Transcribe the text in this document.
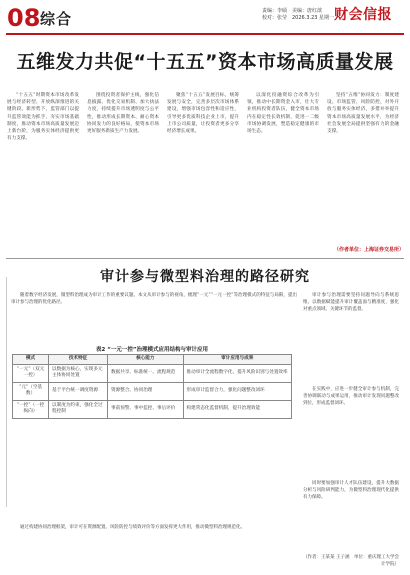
08 综合	责编：李硕　美编：唐红歆
校对：张莹　2026.3.23 星期一 财会信报
五维发力共促“十五五”资本市场高质量发展

“十五五”时期资本市场改革发展与经济转型、开放纵深推进的关键阶段。新形势下，监管部门以提升监管效能为抓手，夯实市场基础制度，推动资本市场高质量发展迈上新台阶，为服务实体经济提供更有力支撑。

围绕投资者保护主线，强化信息披露、优化交易机制、加大执法力度，持续提升市场透明度与公平性，推动形成长期资本、耐心资本协同发力的良好格局，使资本市场更好服务新质生产力发展。

聚焦“十五五”发展目标，统筹发展与安全，完善多层次市场体系建设，增强市场包容性和适应性，引导更多优质科技企业上市，提升上市公司质量，让投资者更多分享经济增长成果。

以深化投融资综合改革为引领，推动中长期资金入市，壮大专业机构投资者队伍，健全资本市场内在稳定性长效机制，促进一二级市场协调发展，塑造稳定健康的市场生态。

坚持“五维”协同发力：制度建设、市场监管、风险防控、对外开放与服务实体经济，多措并举提升资本市场高质量发展水平，为经济社会发展全局提供坚强有力的金融支撑。

（作者单位：上海证券交易所）
审计参与微型料治理的路径研究

随着数字经济发展，微型料治理成为审计工作的重要议题。本文从审计参与的视角，梳理“一元”“一元一控”等治理模式的特征与局限，提出审计参与治理的优化路径。

审计参与治理需要坚持问题导向与系统思维，以数据赋能提升审计覆盖面与精准度，强化对重点领域、关键环节的监督。

在实践中，应进一步健全审计参与机制，完善协调联动与成果运用，推动审计发现问题整改到位，形成监督闭环。

同时要加强审计人才队伍建设，提升大数据分析与风险研判能力，为微型料治理现代化提供有力保障。

通过构建协同治理框架，审计可在资源配置、风险防控与绩效评价等方面发挥更大作用，推动微型料治理规范化。

（作者：王某某 王子涵　单位：重庆理工大学会计学院）
表2 “一元一控”治理模式应用结构与审计应用
模式	技术特征	核心能力	审计应用与成果
“一元”（双元一控）	以数据为核心，实现多元主体协同处置	数据共享、标准统一、流程规范	推动审计全流程数字化，提升风险识别与处置效率
“元”（空基数）	基于平台统一调度资源	资源整合、协同治理	形成审计监督合力，强化问题整改闭环
“一控”（一控纵向）	以制度为约束，强化全过程控制	事前预警、事中监控、事后评价	构建常态化监督机制，提升治理效能
